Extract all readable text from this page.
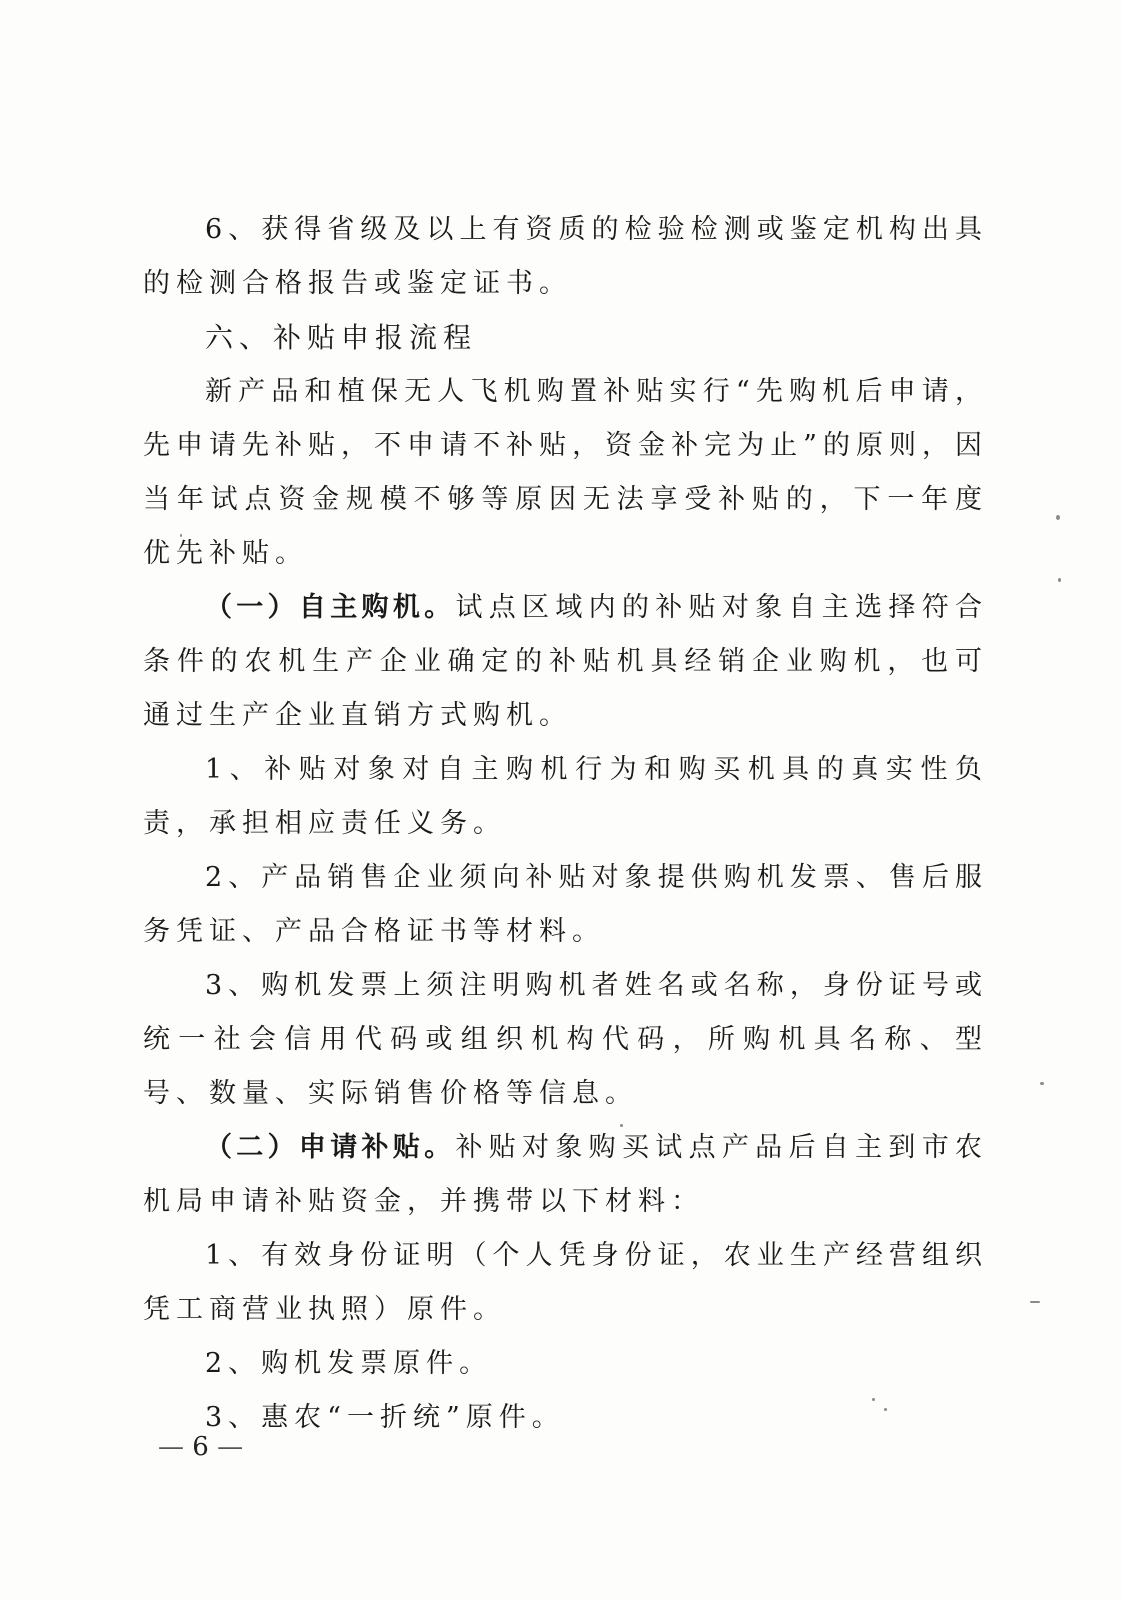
6、获得省级及以上有资质的检验检测或鉴定机构出具的检测合格报告或鉴定证书。

六、补贴申报流程

新产品和植保无人飞机购置补贴实行“先购机后申请，先申请先补贴，不申请不补贴，资金补完为止”的原则，因当年试点资金规模不够等原因无法享受补贴的，下一年度优先补贴。

（一）自主购机。试点区域内的补贴对象自主选择符合条件的农机生产企业确定的补贴机具经销企业购机，也可通过生产企业直销方式购机。

1、补贴对象对自主购机行为和购买机具的真实性负责，承担相应责任义务。

2、产品销售企业须向补贴对象提供购机发票、售后服务凭证、产品合格证书等材料。

3、购机发票上须注明购机者姓名或名称，身份证号或统一社会信用代码或组织机构代码，所购机具名称、型号、数量、实际销售价格等信息。

（二）申请补贴。补贴对象购买试点产品后自主到市农机局申请补贴资金，并携带以下材料：

1、有效身份证明（个人凭身份证，农业生产经营组织凭工商营业执照）原件。

2、购机发票原件。

3、惠农“一折统”原件。

— 6 —
